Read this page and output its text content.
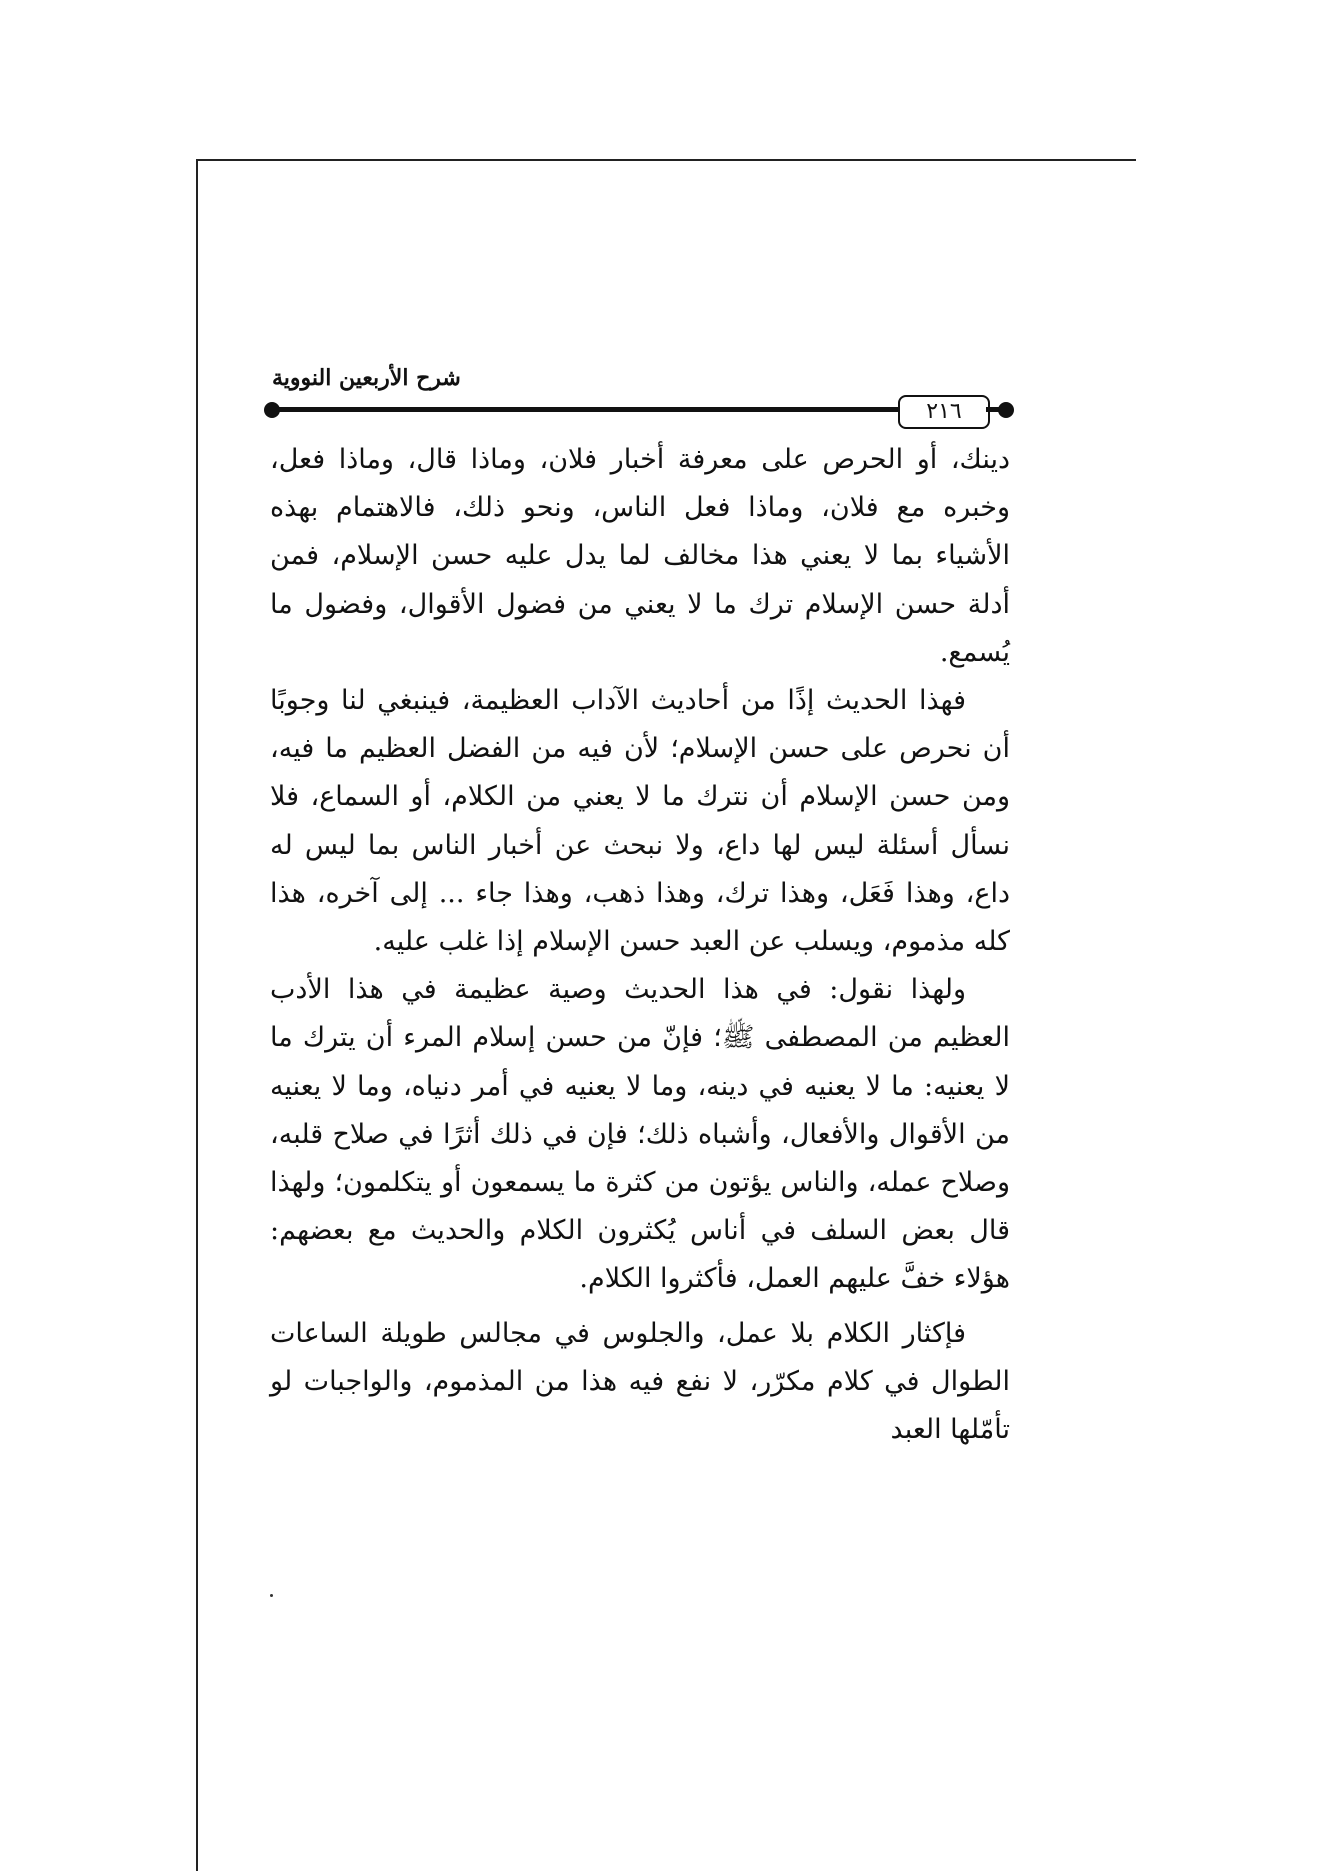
شرح الأربعين النووية
٢١٦

دينك، أو الحرص على معرفة أخبار فلان، وماذا قال، وماذا فعل، وخبره مع فلان، وماذا فعل الناس، ونحو ذلك، فالاهتمام بهذه الأشياء بما لا يعني هذا مخالف لما يدل عليه حسن الإسلام، فمن أدلة حسن الإسلام ترك ما لا يعني من فضول الأقوال، وفضول ما يُسمع.

فهذا الحديث إذًا من أحاديث الآداب العظيمة، فينبغي لنا وجوبًا أن نحرص على حسن الإسلام؛ لأن فيه من الفضل العظيم ما فيه، ومن حسن الإسلام أن نترك ما لا يعني من الكلام، أو السماع، فلا نسأل أسئلة ليس لها داع، ولا نبحث عن أخبار الناس بما ليس له داع، وهذا فَعَل، وهذا ترك، وهذا ذهب، وهذا جاء ... إلى آخره، هذا كله مذموم، ويسلب عن العبد حسن الإسلام إذا غلب عليه.

ولهذا نقول: في هذا الحديث وصية عظيمة في هذا الأدب العظيم من المصطفى ﷺ؛ فإنّ من حسن إسلام المرء أن يترك ما لا يعنيه: ما لا يعنيه في دينه، وما لا يعنيه في أمر دنياه، وما لا يعنيه من الأقوال والأفعال، وأشباه ذلك؛ فإن في ذلك أثرًا في صلاح قلبه، وصلاح عمله، والناس يؤتون من كثرة ما يسمعون أو يتكلمون؛ ولهذا قال بعض السلف في أناس يُكثرون الكلام والحديث مع بعضهم: هؤلاء خفَّ عليهم العمل، فأكثروا الكلام.

فإكثار الكلام بلا عمل، والجلوس في مجالس طويلة الساعات الطوال في كلام مكرّر، لا نفع فيه هذا من المذموم، والواجبات لو تأمّلها العبد
